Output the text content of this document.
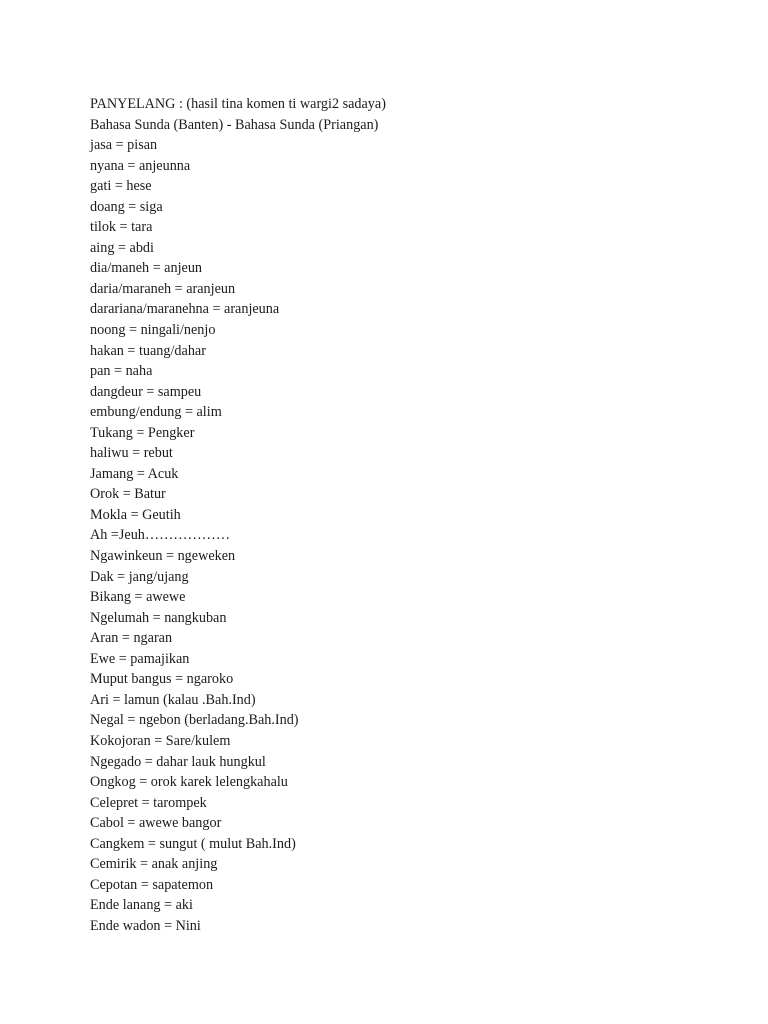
PANYELANG : (hasil tina komen ti wargi2 sadaya)
Bahasa Sunda (Banten) - Bahasa Sunda (Priangan)
jasa = pisan
nyana = anjeunna
gati = hese
doang = siga
tilok = tara
aing = abdi
dia/maneh = anjeun
daria/maraneh = aranjeun
darariana/maranehna = aranjeuna
noong = ningali/nenjo
hakan = tuang/dahar
pan = naha
dangdeur = sampeu
embung/endung = alim
Tukang = Pengker
haliwu = rebut
Jamang = Acuk
Orok = Batur
Mokla = Geutih
Ah =Jeuh………………
Ngawinkeun = ngeweken
Dak = jang/ujang
Bikang = awewe
Ngelumah = nangkuban
Aran = ngaran
Ewe = pamajikan
Muput bangus = ngaroko
Ari = lamun (kalau .Bah.Ind)
Negal = ngebon (berladang.Bah.Ind)
Kokojoran = Sare/kulem
Ngegado = dahar lauk hungkul
Ongkog = orok karek lelengkahalu
Celepret = tarompek
Cabol = awewe bangor
Cangkem = sungut ( mulut Bah.Ind)
Cemirik = anak anjing
Cepotan = sapatemon
Ende lanang = aki
Ende wadon = Nini
